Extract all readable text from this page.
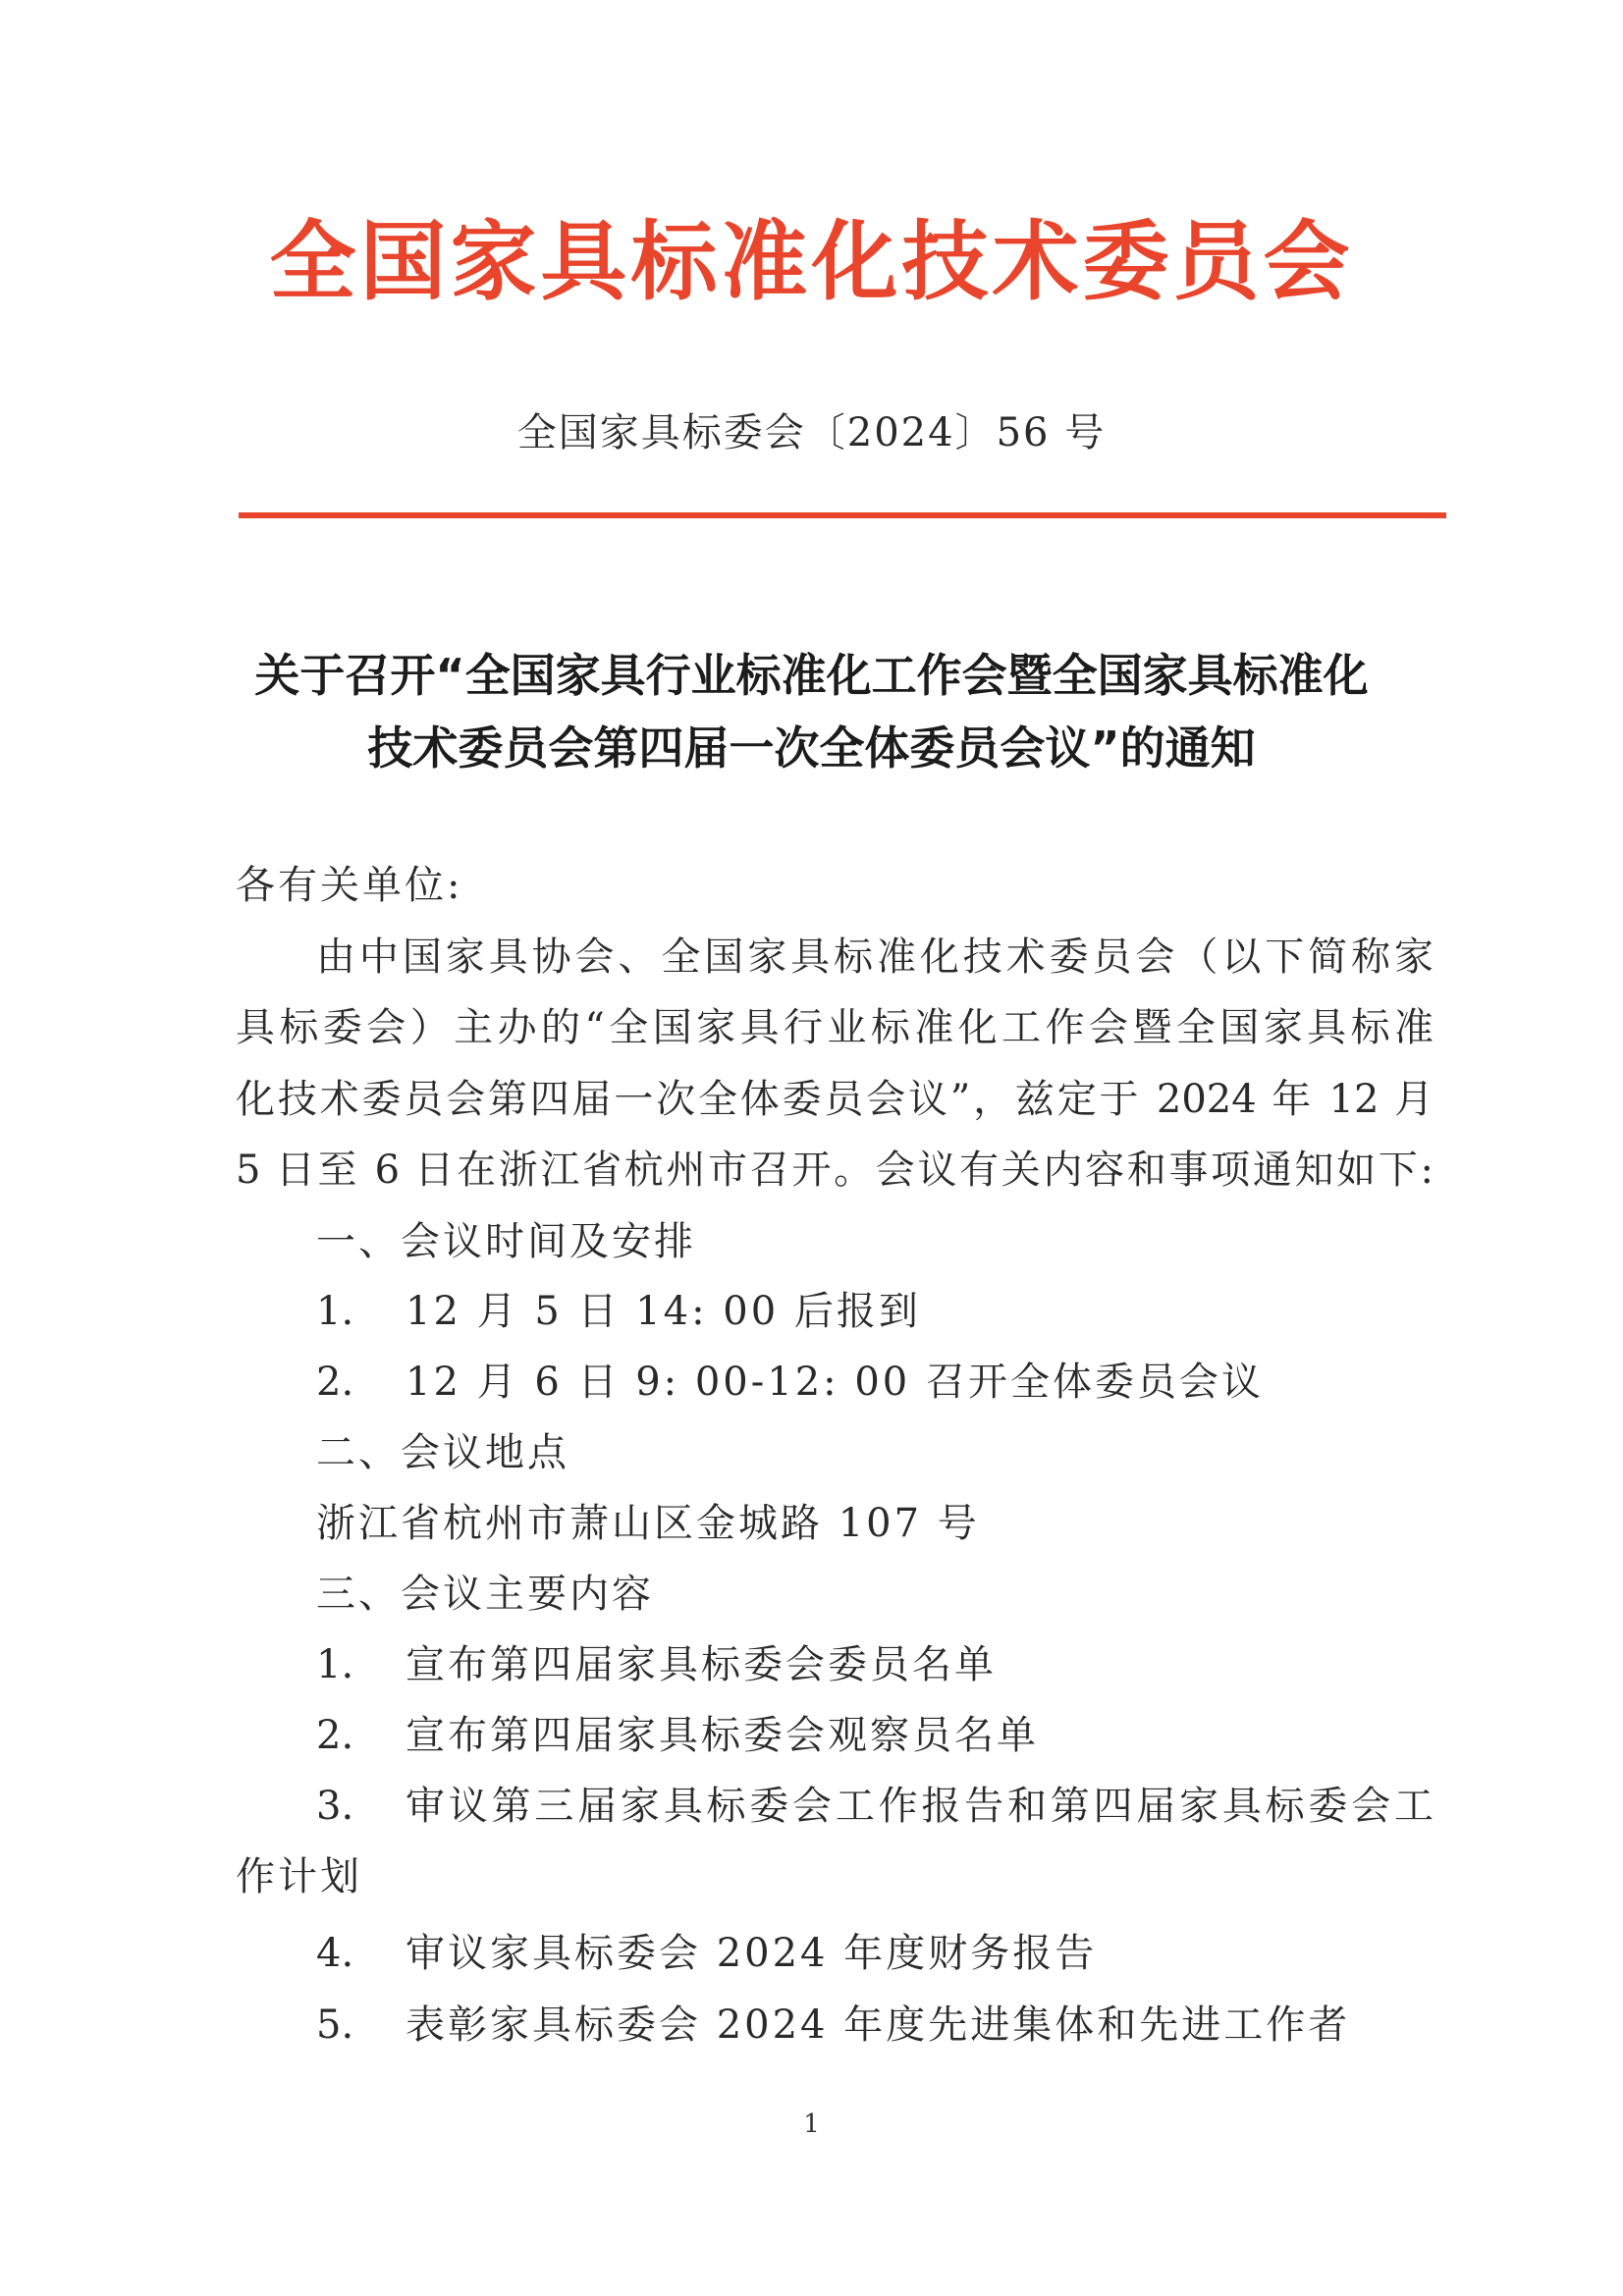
全国家具标准化技术委员会
全国家具标委会〔2024〕56 号
关于召开“全国家具行业标准化工作会暨全国家具标准化
技术委员会第四届一次全体委员会议”的通知
各有关单位:
由中国家具协会、全国家具标准化技术委员会（以下简称家
具标委会）主办的“全国家具行业标准化工作会暨全国家具标准
化技术委员会第四届一次全体委员会议”，兹定于 2024 年 12 月
5 日至 6 日在浙江省杭州市召开。会议有关内容和事项通知如下:
一、会议时间及安排
1. 12 月 5 日 14: 00 后报到
2. 12 月 6 日 9: 00-12: 00 召开全体委员会议
二、会议地点
浙江省杭州市萧山区金城路 107 号
三、会议主要内容
1. 宣布第四届家具标委会委员名单
2. 宣布第四届家具标委会观察员名单
3. 审议第三届家具标委会工作报告和第四届家具标委会工
作计划
4. 审议家具标委会 2024 年度财务报告
5. 表彰家具标委会 2024 年度先进集体和先进工作者
1
